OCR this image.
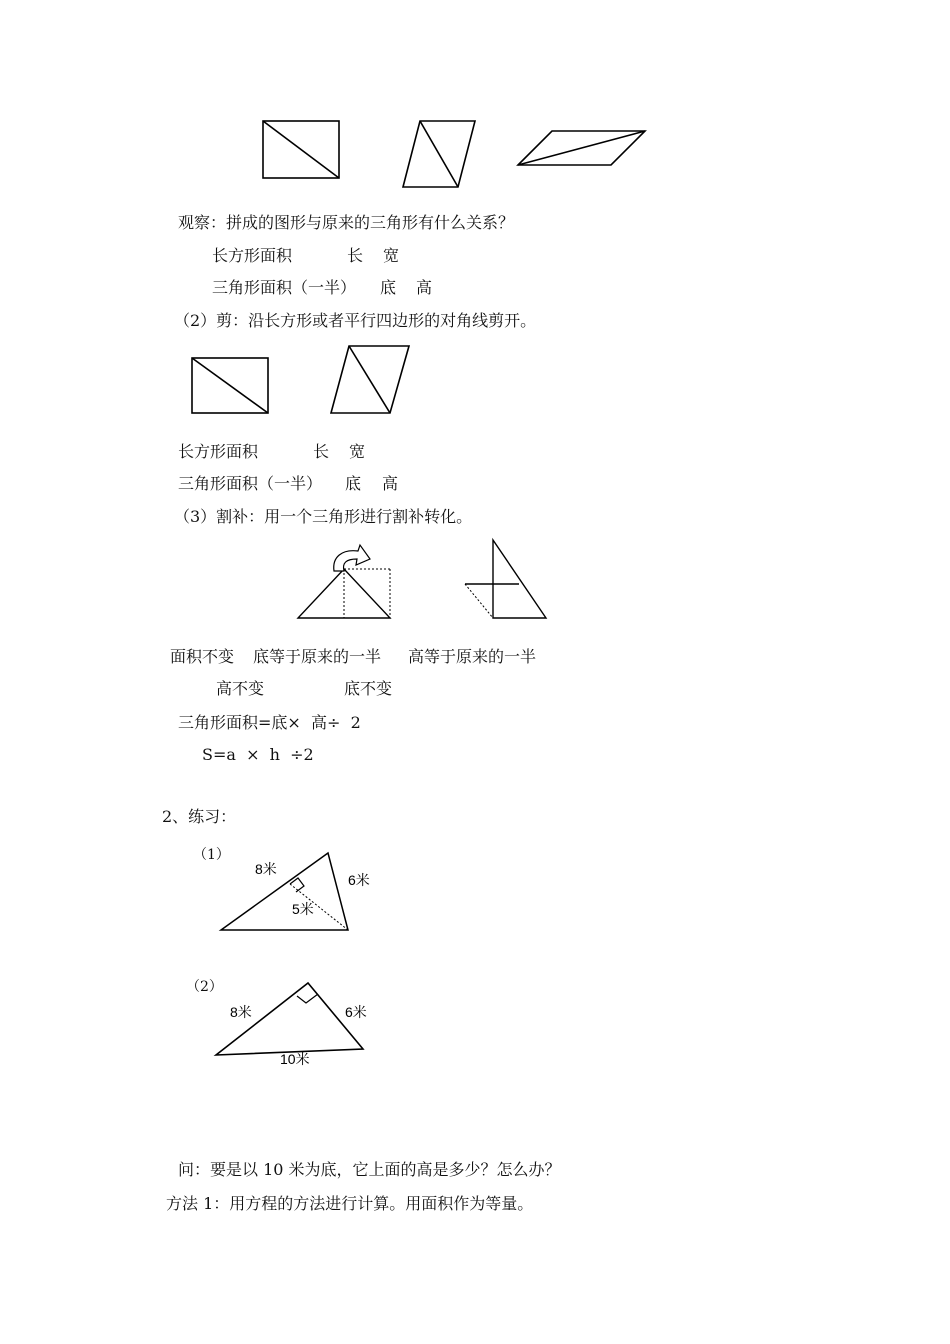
观察：拼成的图形与原来的三角形有什么关系？
长方形面积	长 宽
三角形面积（一半） 底 高
（2）剪：沿长方形或者平行四边形的对角线剪开。
长方形面积	长 宽
三角形面积（一半） 底 高
（3）割补：用一个三角形进行割补转化。
面积不变 底等于原来的一半 高等于原来的一半
高不变	底不变
三角形面积=底×  高÷  2
S=a  ×  h  ÷2
2、练习：
（1）
8米
6米
5米
（2）
8米	6米
10米
问：要是以 10 米为底，它上面的高是多少？怎么办？
方法 1：用方程的方法进行计算。用面积作为等量。
